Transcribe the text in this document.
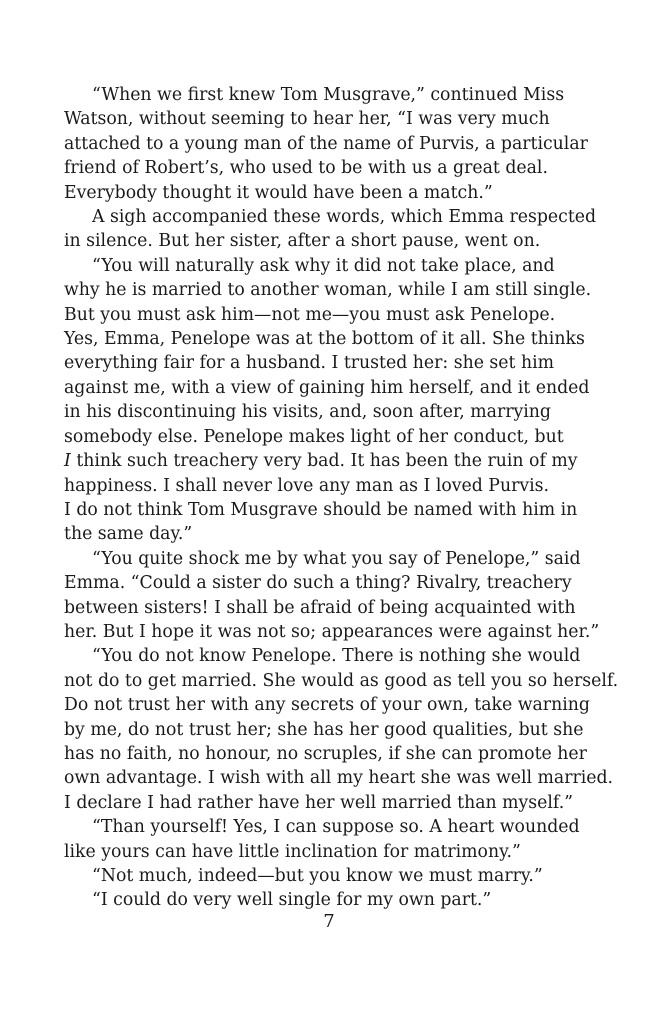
“When we first knew Tom Musgrave,” continued Miss
Watson, without seeming to hear her, “I was very much
attached to a young man of the name of Purvis, a particular
friend of Robert’s, who used to be with us a great deal.
Everybody thought it would have been a match.”
A sigh accompanied these words, which Emma respected
in silence. But her sister, after a short pause, went on.
“You will naturally ask why it did not take place, and
why he is married to another woman, while I am still single.
But you must ask him—not me—you must ask Penelope.
Yes, Emma, Penelope was at the bottom of it all. She thinks
everything fair for a husband. I trusted her: she set him
against me, with a view of gaining him herself, and it ended
in his discontinuing his visits, and, soon after, marrying
somebody else. Penelope makes light of her conduct, but
I think such treachery very bad. It has been the ruin of my
happiness. I shall never love any man as I loved Purvis.
I do not think Tom Musgrave should be named with him in
the same day.”
“You quite shock me by what you say of Penelope,” said
Emma. “Could a sister do such a thing? Rivalry, treachery
between sisters! I shall be afraid of being acquainted with
her. But I hope it was not so; appearances were against her.”
“You do not know Penelope. There is nothing she would
not do to get married. She would as good as tell you so herself.
Do not trust her with any secrets of your own, take warning
by me, do not trust her; she has her good qualities, but she
has no faith, no honour, no scruples, if she can promote her
own advantage. I wish with all my heart she was well married.
I declare I had rather have her well married than myself.”
“Than yourself! Yes, I can suppose so. A heart wounded
like yours can have little inclination for matrimony.”
“Not much, indeed—but you know we must marry.”
“I could do very well single for my own part.”
7
